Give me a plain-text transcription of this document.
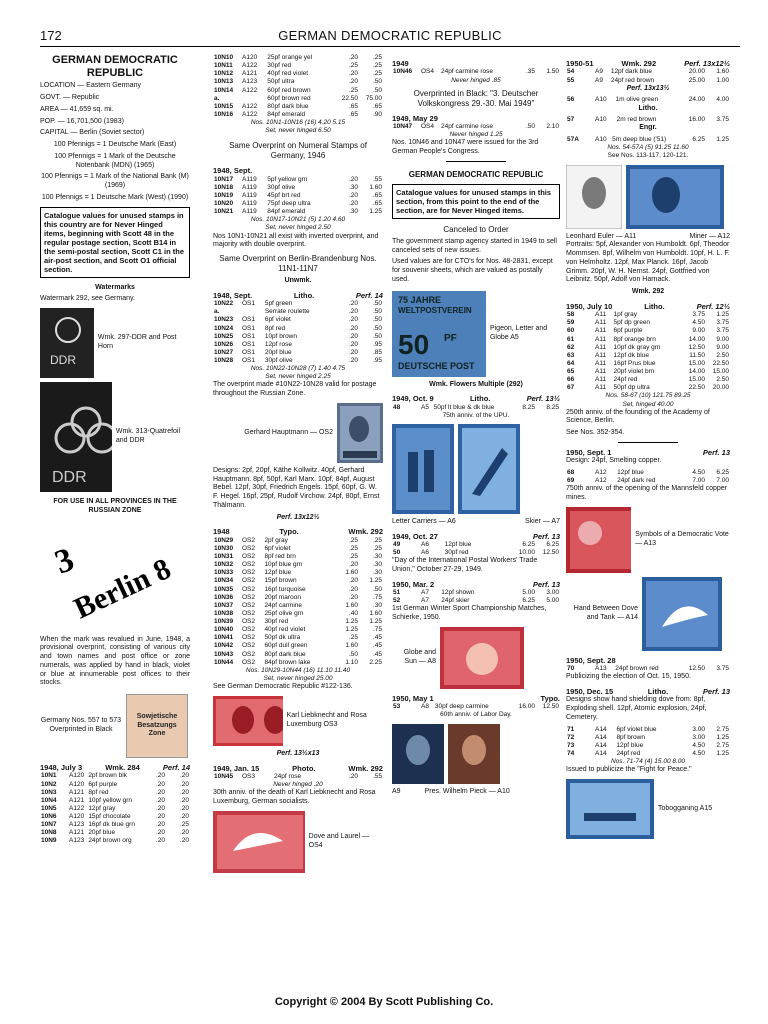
172	GERMAN DEMOCRATIC REPUBLIC
GERMAN DEMOCRATIC REPUBLIC
LOCATION — Eastern Germany
GOVT. — Republic
AREA — 41,659 sq. mi.
POP. — 16,701,500 (1983)
CAPITAL — Berlin (Soviet sector)
100 Pfennigs = 1 Deutsche Mark (East)
100 Pfennigs = 1 Mark of the Deutsche Notenbank (MDN) (1965)
100 Pfennigs = 1 Mark of the National Bank (M) (1969)
100 Pfennigs = 1 Deutsche Mark (West) (1990)
Catalogue values for unused stamps in this country are for Never Hinged items, beginning with Scott 48 in the regular postage section, Scott B14 in the semi-postal section, Scott C1 in the air-post section, and Scott O1 official section.
Watermarks
Watermark 292, see Germany.
DDR
Wmk. 297-DDR and Post Horn
DDR
Wmk. 313-Quatrefoil and DDR
FOR USE IN ALL PROVINCES IN THE RUSSIAN ZONE
3
Berlin 8
When the mark was revalued in June, 1948, a provisional overprint, consisting of various city and town names and post office or zone numerals, was applied by hand in black, violet or blue at innumerable post offices to their stocks.
Germany Nos. 557 to 573 Overprinted in Black
Sowjetische
Besatzungs
Zone
1948, July 3	Wmk. 284	Perf. 14
10N1	A120	2pf brown blk	.20	.20
10N2	A120	6pf purple	.20	.20
10N3	A121	8pf red	.20	.20
10N4	A121	10pf yellow grn	.20	.20
10N5	A122	12pf gray	.20	.20
10N6	A120	15pf chocolate	.20	.20
10N7	A123	16pf dk blue grn	.20	.25
10N8	A121	20pf blue	.20	.20
10N9	A123	24pf brown org	.20	.20
10N10	A120	25pf orange yel	.20	.25
10N11	A122	30pf red	.25	.25
10N12	A121	40pf red violet	.20	.25
10N13	A123	50pf ultra	.20	.50
10N14	A122	60pf red brown	.25	.50
a.		60pf brown red	22.50	75.00
10N15	A122	80pf dark blue	.65	.65
10N16	A122	84pf emerald	.65	.90
Nos. 10N1-10N16 (16) 4.20 5.15
Set, never hinged 6.50
Same Overprint on Numeral Stamps of Germany, 1946
1948, Sept.
10N17	A119	5pf yellow grn	.20	.55
10N18	A119	30pf olive	.30	1.60
10N19	A119	45pf brt red	.20	.65
10N20	A119	75pf deep ultra	.20	.65
10N21	A119	84pf emerald	.30	1.25
Nos. 10N17-10N21 (5) 1.20 4.60
Set, never hinged 2.50
Nos 10N1-10N21 all exist with inverted overprint, and majority with double overprint.
Same Overprint on Berlin-Brandenburg Nos. 11N1-11N7
Unwmk.
1948, Sept.	Litho.	Perf. 14
10N22	OS1	5pf green	.20	.50
a.		Serrate roulette	.20	.50
10N23	OS1	6pf violet	.20	.50
10N24	OS1	8pf red	.20	.50
10N25	OS1	10pf brown	.20	.50
10N26	OS1	12pf rose	.20	.95
10N27	OS1	20pf blue	.20	.85
10N28	OS1	30pf olive	.20	.95
Nos. 10N22-10N28 (7) 1.40 4.75
Set, never hinged 2.25
The overprint made #10N22-10N28 valid for postage throughout the Russian Zone.
Gerhard Hauptmann — OS2
Designs: 2pf, 20pf, Käthe Kollwitz. 40pf, Gerhard Hauptmann. 8pf, 50pf, Karl Marx. 10pf, 84pf, August Bebel. 12pf, 30pf, Friedrich Engels. 15pf, 60pf, G. W. F. Hegel. 16pf, 25pf, Rudolf Virchow. 24pf, 80pf, Ernst Thälmann.
Perf. 13x12½
1948	Typo.	Wmk. 292
10N29	OS2	2pf gray	.25	.25
10N30	OS2	6pf violet	.25	.25
10N31	OS2	8pf red brn	.25	.30
10N32	OS2	10pf blue grn	.20	.30
10N33	OS2	12pf blue	1.60	.30
10N34	OS2	15pf brown	.20	1.25
10N35	OS2	16pf turquoise	.20	.50
10N36	OS2	20pf maroon	.20	.75
10N37	OS2	24pf carmine	1.60	.30
10N38	OS2	25pf olive grn	.40	1.60
10N39	OS2	30pf red	1.25	1.25
10N40	OS2	40pf red violet	1.25	.75
10N41	OS2	50pf dk ultra	.25	.45
10N42	OS2	60pf dull green	1.60	.45
10N43	OS2	80pf dark blue	.50	.45
10N44	OS2	84pf brown lake	1.10	2.25
Nos. 10N29-10N44 (16) 11.10 11.40
Set, never hinged 25.00
See German Democratic Republic #122-136.
Karl Liebknecht and Rosa Luxemburg OS3
Perf. 13½x13
1949, Jan. 15	Photo.	Wmk. 292
10N45	OS3	24pf rose	.20	.55
Never hinged .20
30th anniv. of the death of Karl Liebknecht and Rosa Luxemburg, German socialists.
Dove and Laurel — OS4
1949
10N46	OS4	24pf carmine rose	.35	1.50
Never hinged .85
Overprinted in Black: "3. Deutscher Volkskongress 29.-30. Mai 1949"
1949, May 29
10N47	OS4	24pf carmine rose	.50	2.10
Never hinged 1.25
Nos. 10N46 and 10N47 were issued for the 3rd German People's Congress.
GERMAN DEMOCRATIC REPUBLIC
Catalogue values for unused stamps in this section, from this point to the end of the section, are for Never Hinged items.
Canceled to Order
The government stamp agency started in 1949 to sell canceled sets of new issues.
Used values are for CTO's for Nos. 48-2831, except for souvenir sheets, which are valued as postally used.
75 JAHRE
WELTPOSTVEREIN
50 PF
DEUTSCHE POST
Pigeon, Letter and Globe A5
Wmk. Flowers Multiple (292)
1949, Oct. 9	Litho.	Perf. 13½
48	A5	50pf lt blue & dk blue	8.25	8.25
75th anniv. of the UPU.
Letter Carriers — A6	Skier — A7
1949, Oct. 27	Perf. 13
49	A6	12pf blue	6.25	6.25
50	A6	30pf red	10.00	12.50
"Day of the International Postal Workers' Trade Union," October 27-29, 1949.
1950, Mar. 2	Perf. 13
51	A7	12pf shown	5.00	3.00
52	A7	24pf skier	6.25	5.00
1st German Winter Sport Championship Matches, Schierke, 1950.
Globe and Sun — A8
1950, May 1	Typo.
53	A8	30pf deep carmine	16.00	12.50
60th anniv. of Labor Day.
A9	Pres. Wilhelm Pieck — A10
1950-51	Wmk. 292	Perf. 13x12½
54	A9	12pf dark blue	20.00	1.60
55	A9	24pf red brown	25.00	1.00
Perf. 13x13½
56	A10	1m olive green	24.00	4.00
Litho.
57	A10	2m red brown	16.00	3.75
Engr.
57A	A10	5m deep blue ('51)	6.25	1.25
Nos. 54-57A (5) 91.25 11.60
See Nos. 113-117, 120-121.
Leonhard Euler — A11	Miner — A12
Portraits: 5pf, Alexander von Humboldt. 6pf, Theodor Mommsen. 8pf, Wilhelm von Humboldt. 10pf, H. L. F. von Helmholtz. 12pf, Max Planck. 16pf, Jacob Grimm. 20pf, W. H. Nernst. 24pf, Gottfried von Leibnitz. 50pf, Adolf von Harnack.
Wmk. 292
1950, July 10	Litho.	Perf. 12½
58	A11	1pf gray	3.75	1.25
59	A11	5pf dp green	4.50	3.75
60	A11	6pf purple	9.00	3.75
61	A11	8pf orange brn	14.00	9.00
62	A11	10pf dk gray grn	12.50	9.00
63	A11	12pf dk blue	11.50	2.50
64	A11	16pf Prus blue	15.00	22.50
65	A11	20pf violet brn	14.00	15.00
66	A11	24pf red	15.00	2.50
67	A11	50pf dp ultra	22.50	20.00
Nos. 58-67 (10) 121.75 89.25
Set, hinged 40.00
250th anniv. of the founding of the Academy of Science, Berlin.
See Nos. 352-354.
1950, Sept. 1	Perf. 13
Design: 24pf, Smelting copper.
68	A12	12pf blue	4.50	6.25
69	A12	24pf dark red	7.00	7.00
750th anniv. of the opening of the Mannsfeld copper mines.
Symbols of a Democratic Vote — A13
Hand Between Dove and Tank — A14
1950, Sept. 28
70	A13	24pf brown red	12.50	3.75
Publicizing the election of Oct. 15, 1950.
1950, Dec. 15	Litho.	Perf. 13
Designs show hand shielding dove from: 8pf, Exploding shell. 12pf, Atomic explosion, 24pf, Cemetery.
71	A14	6pf violet blue	3.00	2.75
72	A14	8pf brown	3.00	1.25
73	A14	12pf blue	4.50	2.75
74	A14	24pf red	4.50	1.25
Nos. 71-74 (4) 15.00 8.00
Issued to publicize the "Fight for Peace."
Tobogganing A15
Copyright © 2004 By Scott Publishing Co.
